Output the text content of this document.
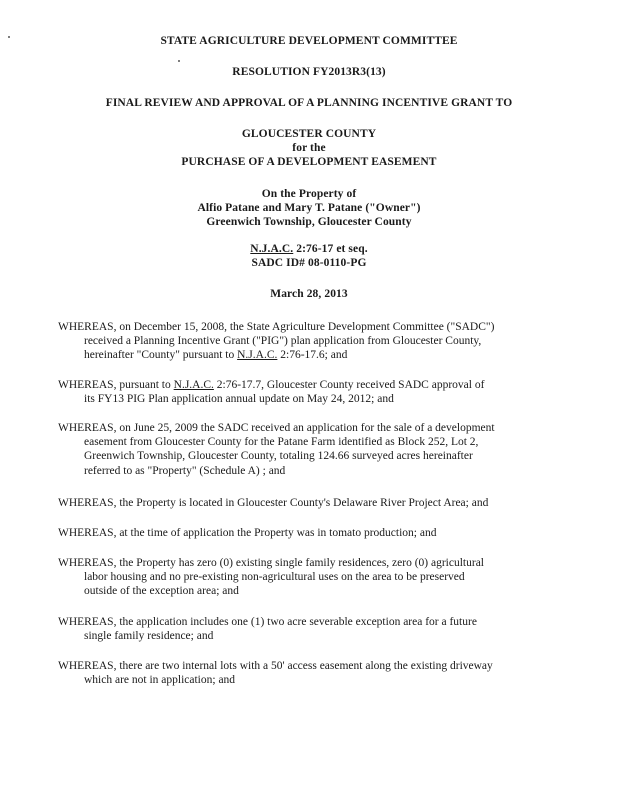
STATE AGRICULTURE DEVELOPMENT COMMITTEE
RESOLUTION FY2013R3(13)
FINAL REVIEW AND APPROVAL OF A PLANNING INCENTIVE GRANT TO
GLOUCESTER COUNTY
for the
PURCHASE OF A DEVELOPMENT EASEMENT
On the Property of
Alfio Patane and Mary T. Patane ("Owner")
Greenwich Township, Gloucester County
N.J.A.C. 2:76-17 et seq.
SADC ID# 08-0110-PG
March 28, 2013
WHEREAS, on December 15, 2008, the State Agriculture Development Committee ("SADC")
received a Planning Incentive Grant ("PIG") plan application from Gloucester County,
hereinafter "County" pursuant to N.J.A.C. 2:76-17.6; and
WHEREAS, pursuant to N.J.A.C. 2:76-17.7, Gloucester County received SADC approval of
its FY13 PIG Plan application annual update on May 24, 2012; and
WHEREAS, on June 25, 2009 the SADC received an application for the sale of a development
easement from Gloucester County for the Patane Farm identified as Block 252, Lot 2,
Greenwich Township, Gloucester County, totaling 124.66 surveyed acres hereinafter
referred to as "Property" (Schedule A) ; and
WHEREAS, the Property is located in Gloucester County's Delaware River Project Area; and
WHEREAS, at the time of application the Property was in tomato production; and
WHEREAS, the Property has zero (0) existing single family residences, zero (0) agricultural
labor housing and no pre-existing non-agricultural uses on the area to be preserved
outside of the exception area; and
WHEREAS, the application includes one (1) two acre severable exception area for a future
single family residence; and
WHEREAS, there are two internal lots with a 50' access easement along the existing driveway
which are not in application; and
